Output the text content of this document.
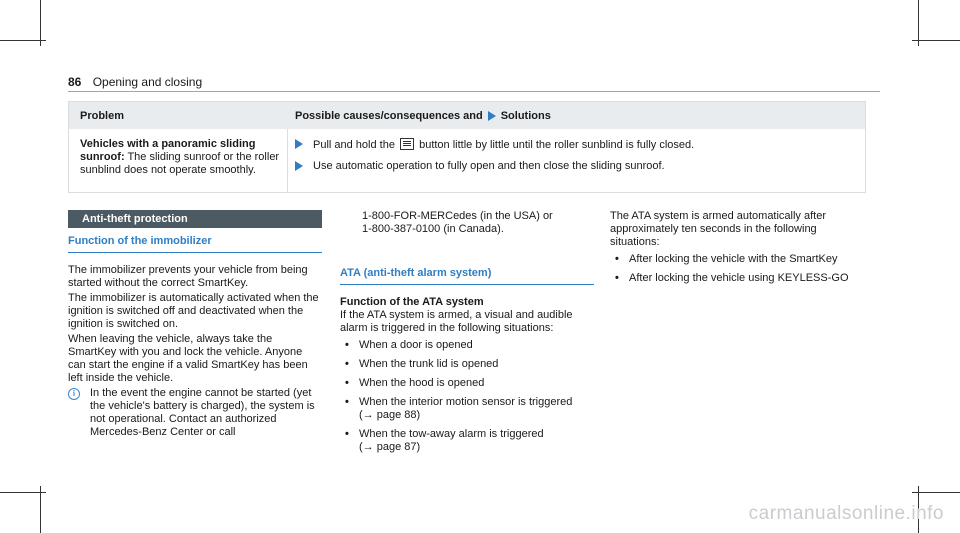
86 Opening and closing
Problem	Possible causes/consequences and Solutions
Vehicles with a panoramic sliding sunroof: The sliding sunroof or the roller sunblind does not operate smoothly.
Pull and hold the button little by little until the roller sunblind is fully closed.
Use automatic operation to fully open and then close the sliding sunroof.
Anti-theft protection
Function of the immobilizer

The immobilizer prevents your vehicle from being started without the correct SmartKey.

The immobilizer is automatically activated when the ignition is switched off and deactivated when the ignition is switched on.

When leaving the vehicle, always take the SmartKey with you and lock the vehicle. Anyone can start the engine if a valid SmartKey has been left inside the vehicle.

i	In the event the engine cannot be started (yet the vehicle's battery is charged), the system is not operational. Contact an authorized Mercedes-Benz Center or call
1-800-FOR-MERCedes (in the USA) or
1-800-387-0100 (in Canada).
ATA (anti-theft alarm system)
Function of the ATA system

If the ATA system is armed, a visual and audible alarm is triggered in the following situations:

• When a door is opened
• When the trunk lid is opened
• When the hood is opened
• When the interior motion sensor is triggered
(→ page 88)
• When the tow-away alarm is triggered
(→ page 87)

The ATA system is armed automatically after approximately ten seconds in the following situations:

• After locking the vehicle with the SmartKey
• After locking the vehicle using KEYLESS-GO
carmanualsonline.info
